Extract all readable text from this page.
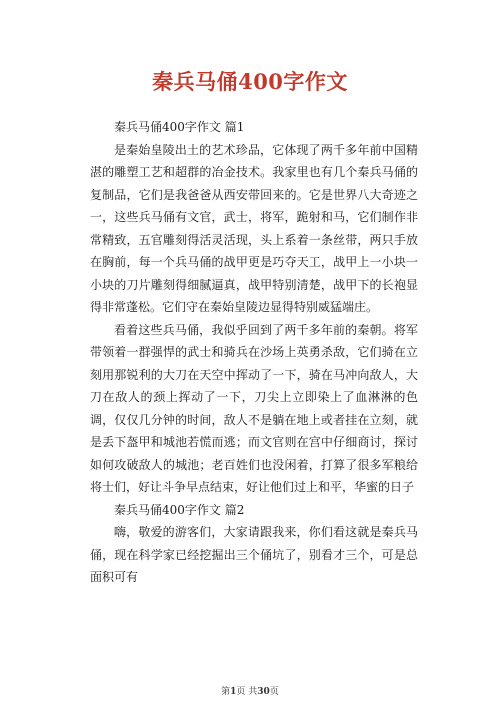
秦兵马俑400字作文

秦兵马俑400字作文 篇1

是秦始皇陵出土的艺术珍品，它体现了两千多年前中国精湛的雕塑工艺和超群的冶金技术。我家里也有几个秦兵马俑的复制品，它们是我爸爸从西安带回来的。它是世界八大奇迹之一，这些兵马俑有文官，武士，将军，跪射和马，它们制作非常精致，五官雕刻得活灵活现，头上系着一条丝带，两只手放在胸前，每一个兵马俑的战甲更是巧夺天工，战甲上一小块一小块的刀片雕刻得细腻逼真，战甲特别清楚，战甲下的长袍显得非常蓬松。它们守在秦始皇陵边显得特别威猛端庄。

看着这些兵马俑，我似乎回到了两千多年前的秦朝。将军带领着一群强悍的武士和骑兵在沙场上英勇杀敌，它们骑在立刻用那锐利的大刀在天空中挥动了一下，骑在马冲向敌人，大刀在敌人的颈上挥动了一下，刀尖上立即染上了血淋淋的色调，仅仅几分钟的时间，敌人不是躺在地上或者挂在立刻，就是丢下盔甲和城池若慌而逃；而文官则在宫中仔细商讨，探讨如何攻破敌人的城池；老百姓们也没闲着，打算了很多军粮给将士们，好让斗争早点结束，好让他们过上和平，华蜜的日子

秦兵马俑400字作文 篇2

嗨，敬爱的游客们，大家请跟我来，你们看这就是秦兵马俑，现在科学家已经挖掘出三个俑坑了，别看才三个，可是总面积可有

第1页 共30页
